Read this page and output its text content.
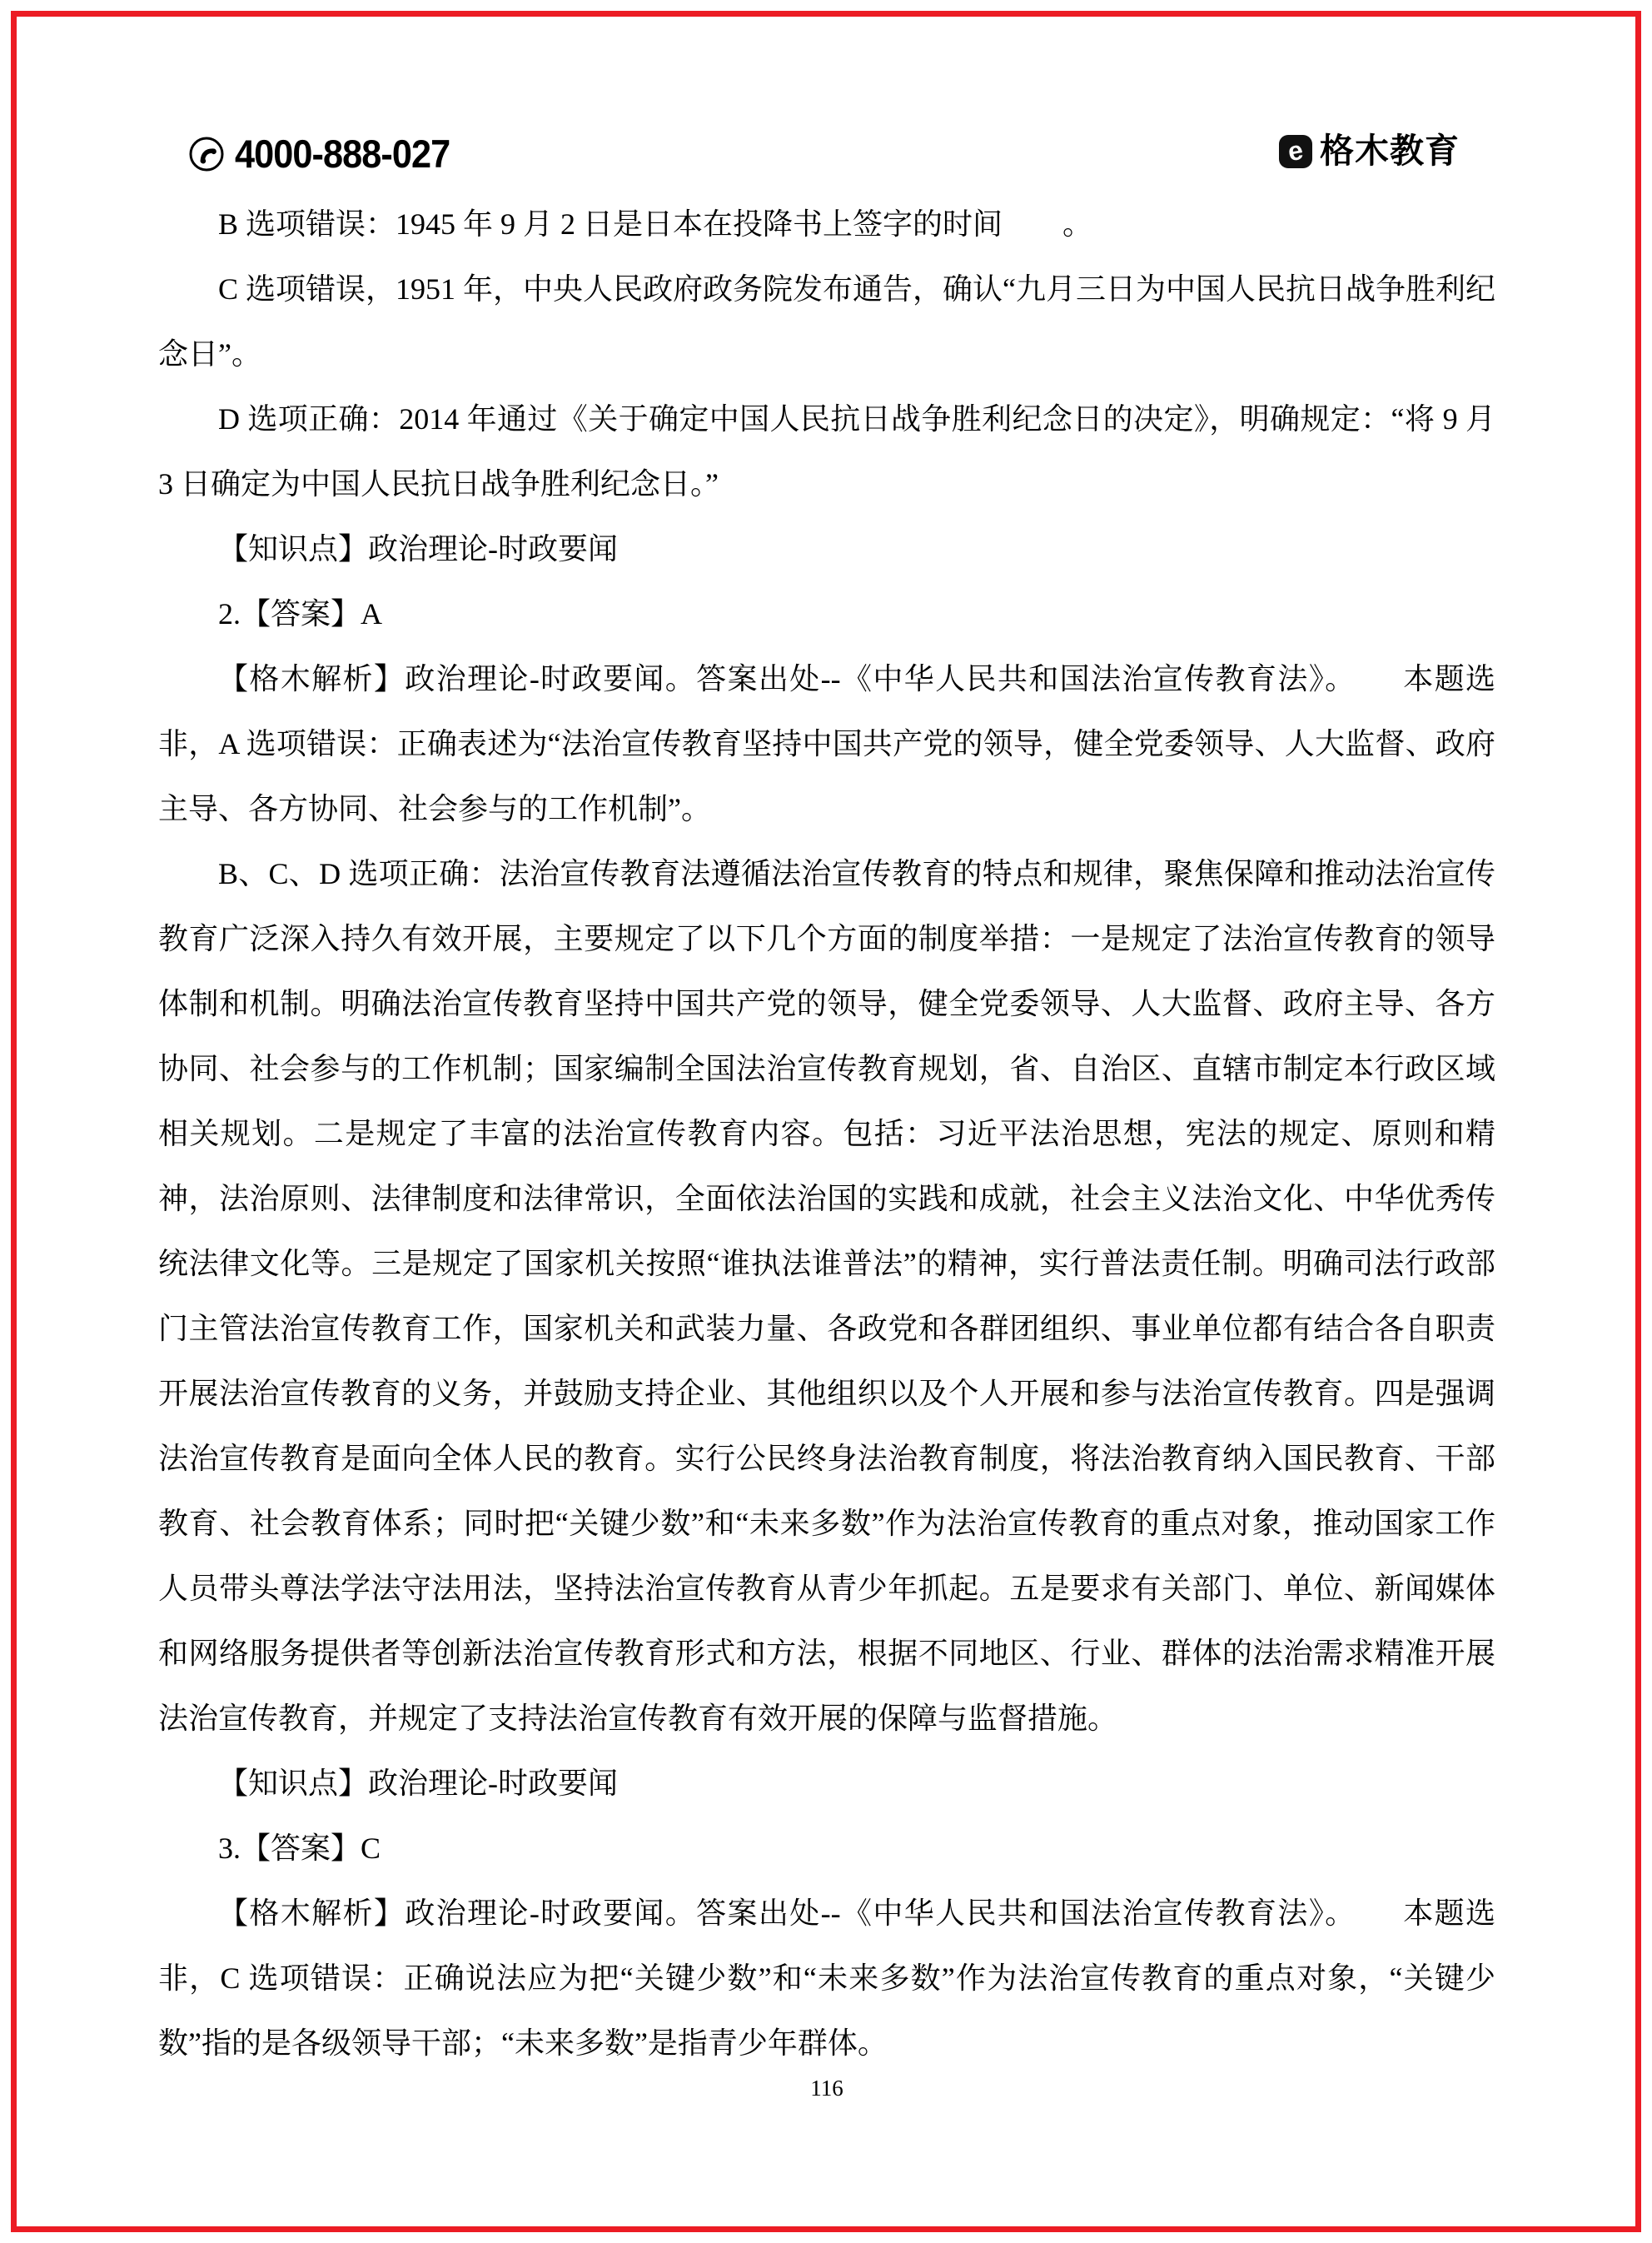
4000-888-027	e 格木教育

B 选项错误：1945 年 9 月 2 日是日本在投降书上签字的时间　　。

C 选项错误，1951 年，中央人民政府政务院发布通告，确认“九月三日为中国人民抗日战争胜利纪念日”。

D 选项正确：2014 年通过《关于确定中国人民抗日战争胜利纪念日的决定》，明确规定：“将 9 月 3 日确定为中国人民抗日战争胜利纪念日。”

【知识点】政治理论-时政要闻

2.【答案】A

【格木解析】政治理论-时政要闻。答案出处--《中华人民共和国法治宣传教育法》。　　本题选非，A 选项错误：正确表述为“法治宣传教育坚持中国共产党的领导，健全党委领导、人大监督、政府主导、各方协同、社会参与的工作机制”。

B、C、D 选项正确：法治宣传教育法遵循法治宣传教育的特点和规律，聚焦保障和推动法治宣传教育广泛深入持久有效开展，主要规定了以下几个方面的制度举措：一是规定了法治宣传教育的领导体制和机制。明确法治宣传教育坚持中国共产党的领导，健全党委领导、人大监督、政府主导、各方协同、社会参与的工作机制；国家编制全国法治宣传教育规划，省、自治区、直辖市制定本行政区域相关规划。二是规定了丰富的法治宣传教育内容。包括：习近平法治思想，宪法的规定、原则和精神，法治原则、法律制度和法律常识，全面依法治国的实践和成就，社会主义法治文化、中华优秀传统法律文化等。三是规定了国家机关按照“谁执法谁普法”的精神，实行普法责任制。明确司法行政部门主管法治宣传教育工作，国家机关和武装力量、各政党和各群团组织、事业单位都有结合各自职责开展法治宣传教育的义务，并鼓励支持企业、其他组织以及个人开展和参与法治宣传教育。四是强调法治宣传教育是面向全体人民的教育。实行公民终身法治教育制度，将法治教育纳入国民教育、干部教育、社会教育体系；同时把“关键少数”和“未来多数”作为法治宣传教育的重点对象，推动国家工作人员带头尊法学法守法用法，坚持法治宣传教育从青少年抓起。五是要求有关部门、单位、新闻媒体和网络服务提供者等创新法治宣传教育形式和方法，根据不同地区、行业、群体的法治需求精准开展法治宣传教育，并规定了支持法治宣传教育有效开展的保障与监督措施。

【知识点】政治理论-时政要闻

3.【答案】C

【格木解析】政治理论-时政要闻。答案出处--《中华人民共和国法治宣传教育法》。　　本题选非，C 选项错误：正确说法应为把“关键少数”和“未来多数”作为法治宣传教育的重点对象，“关键少数”指的是各级领导干部；“未来多数”是指青少年群体。

116
